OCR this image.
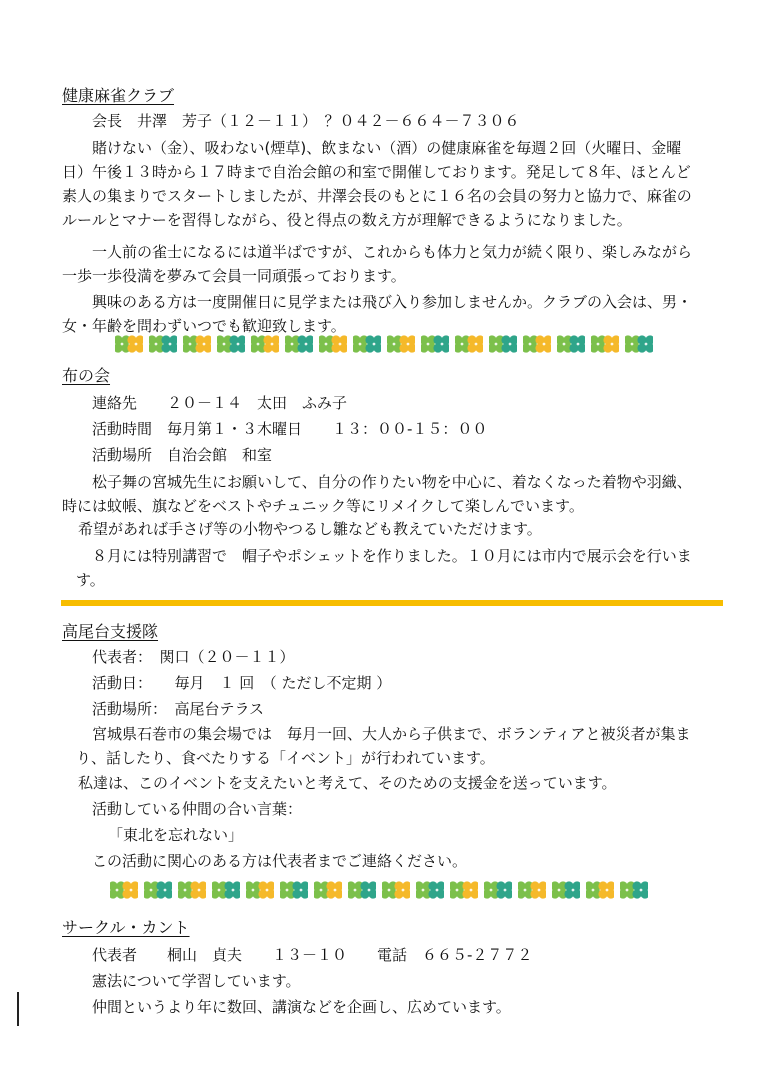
健康麻雀クラブ
会長　井澤　芳子（１２－１１）　？０４２－６６４－７３０６

賭けない（金）、吸わない(煙草)、飲まない（酒）の健康麻雀を毎週２回（火曜日、金曜日）午後１３時から１７時まで自治会館の和室で開催しております。発足して８年、ほとんど素人の集まりでスタートしましたが、井澤会長のもとに１６名の会員の努力と協力で、麻雀のルールとマナーを習得しながら、役と得点の数え方が理解できるようになりました。

一人前の雀士になるには道半ばですが、これからも体力と気力が続く限り、楽しみながら一歩一歩役満を夢みて会員一同頑張っております。

興味のある方は一度開催日に見学または飛び入り参加しませんか。クラブの入会は、男・女・年齢を問わずいつでも歓迎致します。

布の会
連絡先　　２０－１４　太田　ふみ子
活動時間　毎月第１・３木曜日　　１３：００-１５：００
活動場所　自治会館　和室

松子舞の宮城先生にお願いして、自分の作りたい物を中心に、着なくなった着物や羽織、時には蚊帳、旗などをベストやチュニック等にリメイクして楽しんでいます。

希望があれば手さげ等の小物やつるし雛なども教えていただけます。

８月には特別講習で　帽子やポシェットを作りました。１０月には市内で展示会を行います。

高尾台支援隊
代表者：　関口（２０－１１）
活動日：　　毎月　１ 回　（ ただし不定期 ）
活動場所：　高尾台テラス

宮城県石巻市の集会場では　毎月一回、大人から子供まで、ボランティアと被災者が集まり、話したり、食べたりする「イベント」が行われています。

私達は、このイベントを支えたいと考えて、そのための支援金を送っています。
活動している仲間の合い言葉：
「東北を忘れない」
この活動に関心のある方は代表者までご連絡ください。
サークル・カント
代表者　　桐山　貞夫　　１３－１０　　電話　６６５-２７７２
憲法について学習しています。
仲間というより年に数回、講演などを企画し、広めています。
